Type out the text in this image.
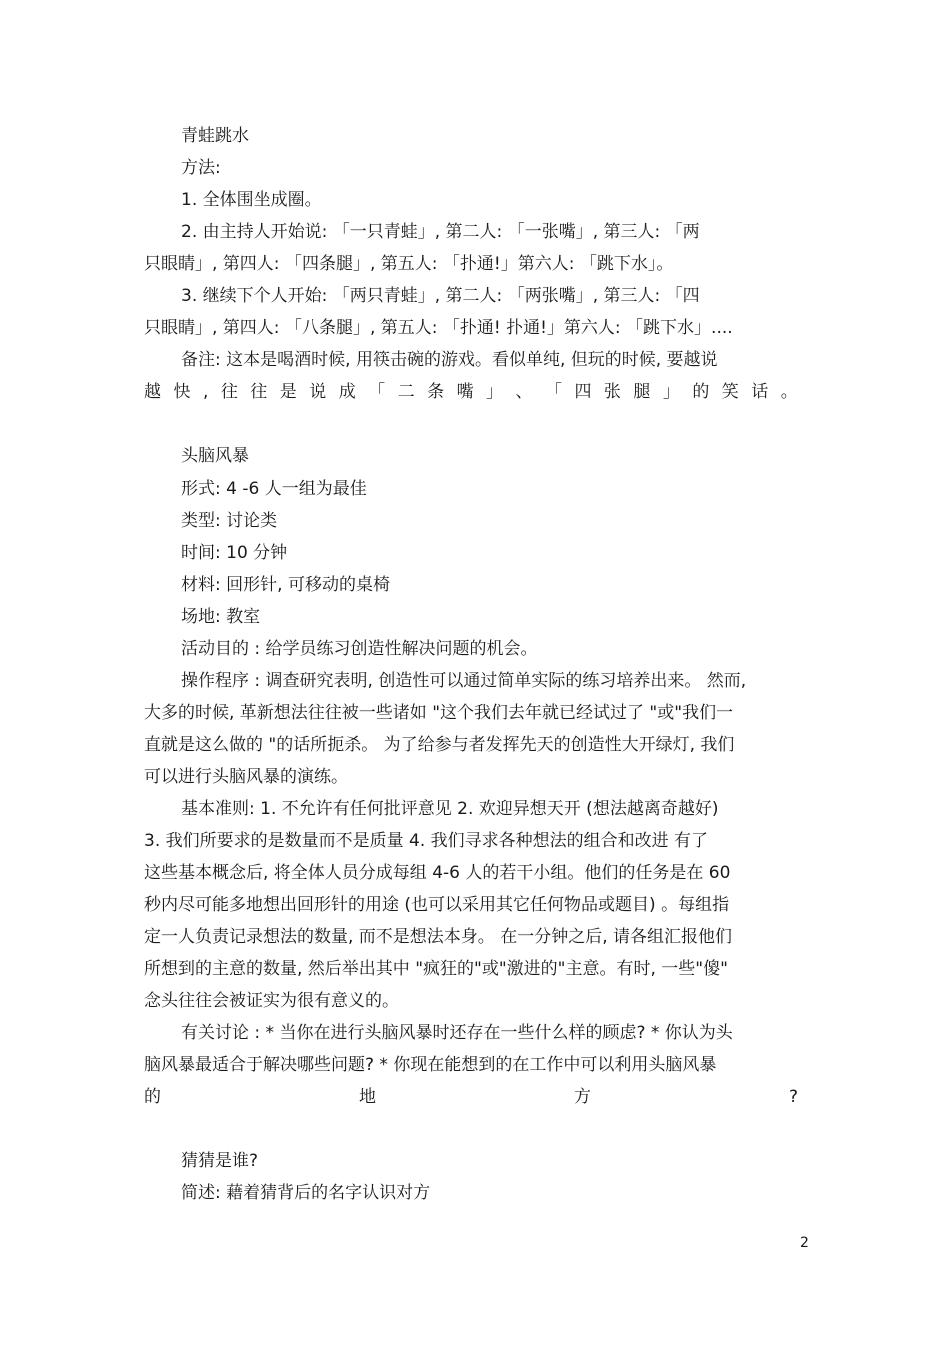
青蛙跳水
方法:
1. 全体围坐成圈。
2. 由主持人开始说: 「一只青蛙」, 第二人: 「一张嘴」, 第三人: 「两
只眼睛」, 第四人: 「四条腿」, 第五人: 「扑通!」第六人: 「跳下水」。
3. 继续下个人开始: 「两只青蛙」, 第二人: 「两张嘴」, 第三人: 「四
只眼睛」, 第四人: 「八条腿」, 第五人: 「扑通! 扑通!」第六人: 「跳下水」....
备注: 这本是喝酒时候, 用筷击碗的游戏。看似单纯, 但玩的时候, 要越说
越 快 , 往 往 是 说 成 「 二 条 嘴 」 、 「 四 张 腿 」 的 笑 话 。
头脑风暴
形式: 4 -6 人一组为最佳
类型: 讨论类
时间: 10 分钟
材料: 回形针, 可移动的桌椅
场地: 教室
活动目的 : 给学员练习创造性解决问题的机会。
操作程序 : 调查研究表明, 创造性可以通过简单实际的练习培养出来。 然而,
大多的时候, 革新想法往往被一些诸如 "这个我们去年就已经试过了 "或"我们一
直就是这么做的 "的话所扼杀。 为了给参与者发挥先天的创造性大开绿灯, 我们
可以进行头脑风暴的演练。
基本准则: 1. 不允许有任何批评意见 2. 欢迎异想天开 (想法越离奇越好)
3. 我们所要求的是数量而不是质量 4. 我们寻求各种想法的组合和改进 有了
这些基本概念后, 将全体人员分成每组 4-6 人的若干小组。他们的任务是在 60
秒内尽可能多地想出回形针的用途 (也可以采用其它任何物品或题目) 。每组指
定一人负责记录想法的数量, 而不是想法本身。 在一分钟之后, 请各组汇报他们
所想到的主意的数量, 然后举出其中 "疯狂的"或"激进的"主意。有时, 一些"傻"
念头往往会被证实为很有意义的。
有关讨论 : * 当你在进行头脑风暴时还存在一些什么样的顾虑? * 你认为头
脑风暴最适合于解决哪些问题? * 你现在能想到的在工作中可以利用头脑风暴
的	地	方	?
猜猜是谁?
简述: 藉着猜背后的名字认识对方
2
